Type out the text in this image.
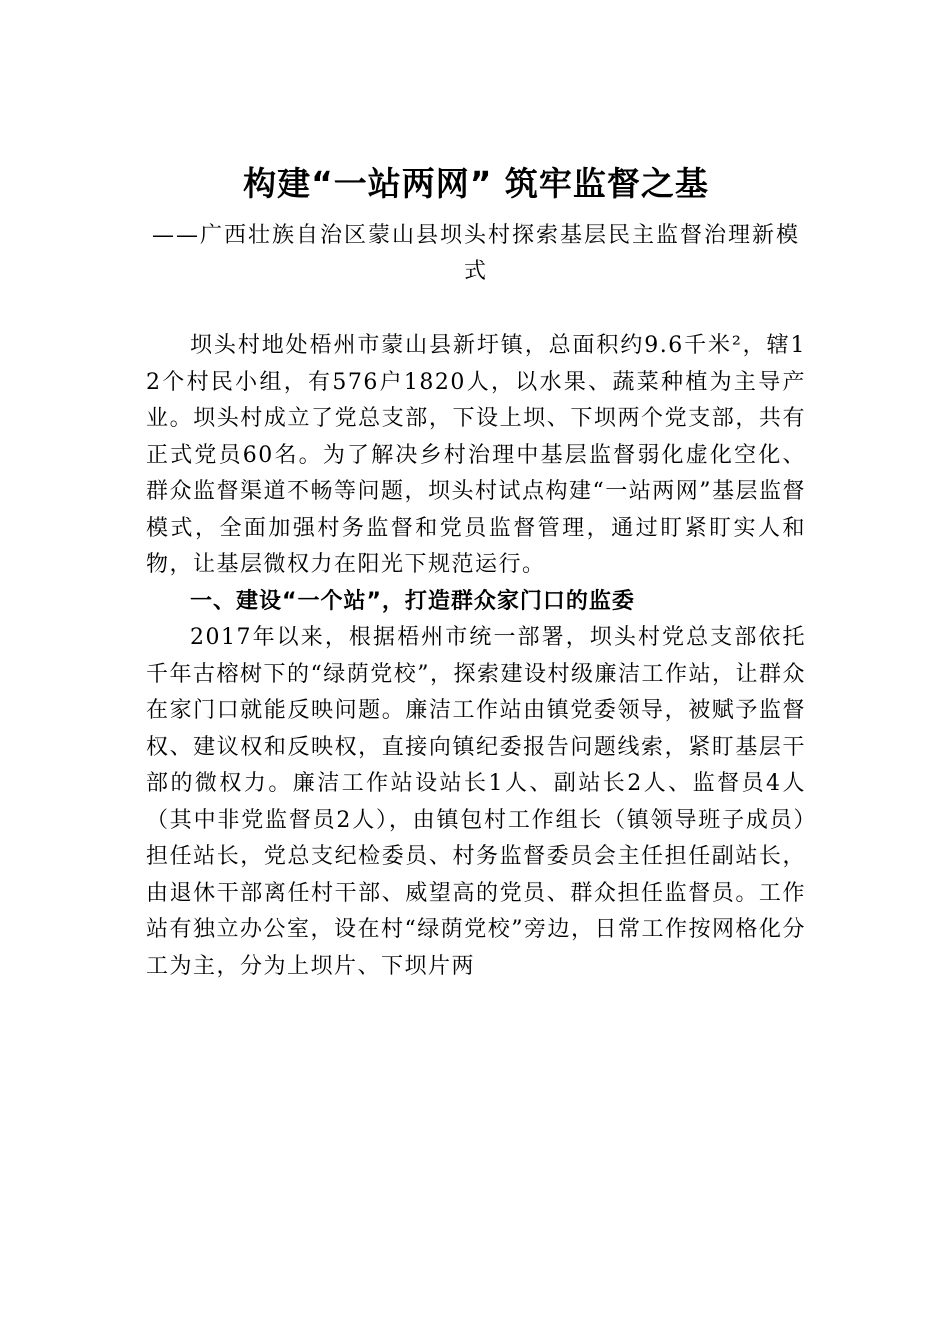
构建“一站两网” 筑牢监督之基

——广西壮族自治区蒙山县坝头村探索基层民主监督治理新模式

坝头村地处梧州市蒙山县新圩镇，总面积约9.6千米²，辖12个村民小组，有576户1820人，以水果、蔬菜种植为主导产业。坝头村成立了党总支部，下设上坝、下坝两个党支部，共有正式党员60名。为了解决乡村治理中基层监督弱化虚化空化、群众监督渠道不畅等问题，坝头村试点构建“一站两网”基层监督模式，全面加强村务监督和党员监督管理，通过盯紧盯实人和物，让基层微权力在阳光下规范运行。

一、建设“一个站”，打造群众家门口的监委

2017年以来，根据梧州市统一部署，坝头村党总支部依托千年古榕树下的“绿荫党校”，探索建设村级廉洁工作站，让群众在家门口就能反映问题。廉洁工作站由镇党委领导，被赋予监督权、建议权和反映权，直接向镇纪委报告问题线索，紧盯基层干部的微权力。廉洁工作站设站长1人、副站长2人、监督员4人（其中非党监督员2人），由镇包村工作组长（镇领导班子成员）担任站长，党总支纪检委员、村务监督委员会主任担任副站长，由退休干部离任村干部、威望高的党员、群众担任监督员。工作站有独立办公室，设在村“绿荫党校”旁边，日常工作按网格化分工为主，分为上坝片、下坝片两
